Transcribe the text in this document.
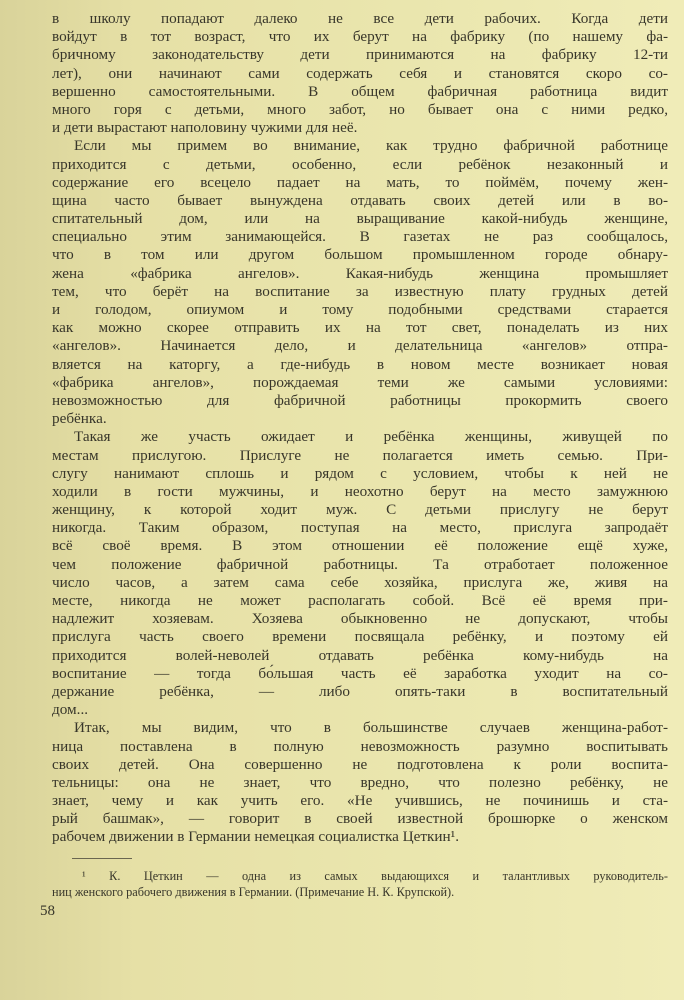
в школу попадают далеко не все дети рабочих. Когда дети
войдут в тот возраст, что их берут на фабрику (по нашему фа-
бричному законодательству дети принимаются на фабрику 12-ти
лет), они начинают сами содержать себя и становятся скоро со-
вершенно самостоятельными. В общем фабричная работница видит
много горя с детьми, много забот, но бывает она с ними редко,
и дети вырастают наполовину чужими для неё.
Если мы примем во внимание, как трудно фабричной работнице
приходится с детьми, особенно, если ребёнок незаконный и
содержание его всецело падает на мать, то поймём, почему жен-
щина часто бывает вынуждена отдавать своих детей или в во-
спитательный дом, или на выращивание какой-нибудь женщине,
специально этим занимающейся. В газетах не раз сообщалось,
что в том или другом большом промышленном городе обнару-
жена «фабрика ангелов». Какая-нибудь женщина промышляет
тем, что берёт на воспитание за известную плату грудных детей
и голодом, опиумом и тому подобными средствами старается
как можно скорее отправить их на тот свет, понаделать из них
«ангелов». Начинается дело, и делательница «ангелов» отпра-
вляется на каторгу, а где-нибудь в новом месте возникает новая
«фабрика ангелов», порождаемая теми же самыми условиями:
невозможностью для фабричной работницы прокормить своего
ребёнка.
Такая же участь ожидает и ребёнка женщины, живущей по
местам прислугою. Прислуге не полагается иметь семью. При-
слугу нанимают сплошь и рядом с условием, чтобы к ней не
ходили в гости мужчины, и неохотно берут на место замужнюю
женщину, к которой ходит муж. С детьми прислугу не берут
никогда. Таким образом, поступая на место, прислуга запродаёт
всё своё время. В этом отношении её положение ещё хуже,
чем положение фабричной работницы. Та отработает положенное
число часов, а затем сама себе хозяйка, прислуга же, живя на
месте, никогда не может располагать собой. Всё её время при-
надлежит хозяевам. Хозяева обыкновенно не допускают, чтобы
прислуга часть своего времени посвящала ребёнку, и поэтому ей
приходится волей-неволей отдавать ребёнка кому-нибудь на
воспитание — тогда бо́льшая часть её заработка уходит на со-
держание ребёнка, — либо опять-таки в воспитательный
дом...
Итак, мы видим, что в большинстве случаев женщина-работ-
ница поставлена в полную невозможность разумно воспитывать
своих детей. Она совершенно не подготовлена к роли воспита-
тельницы: она не знает, что вредно, что полезно ребёнку, не
знает, чему и как учить его. «Не учившись, не починишь и ста-
рый башмак», — говорит в своей известной брошюрке о женском
рабочем движении в Германии немецкая социалистка Цеткин¹.
¹ К. Цеткин — одна из самых выдающихся и талантливых руководитель-
ниц женского рабочего движения в Германии. (Примечание Н. К. Крупской).
58
